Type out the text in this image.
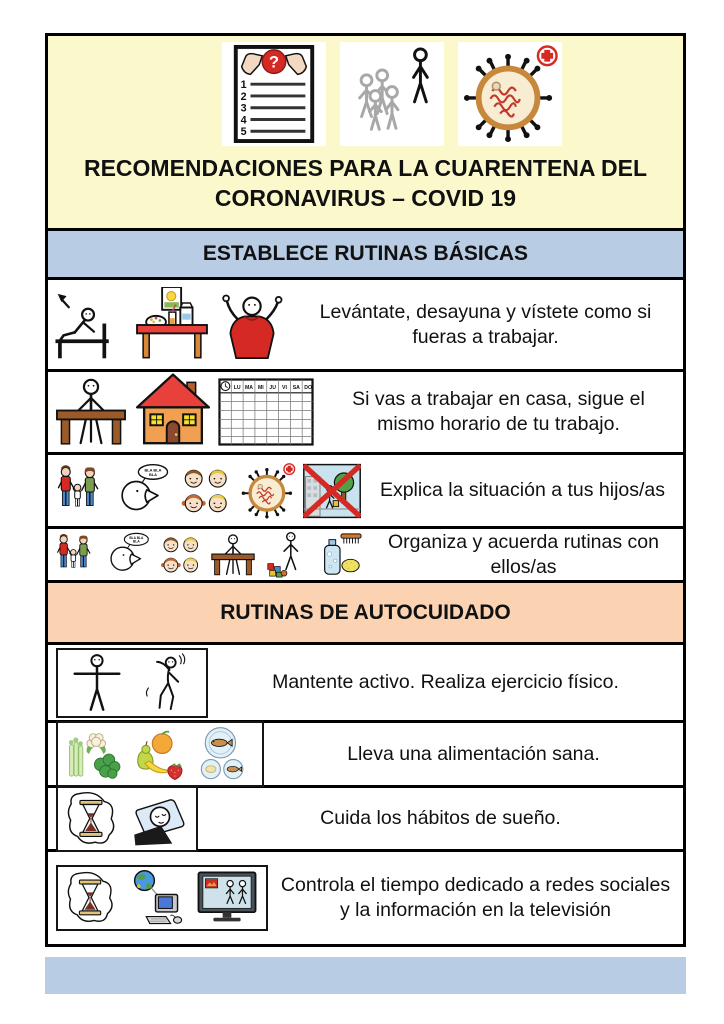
RECOMENDACIONES PARA LA CUARENTENA DEL
CORONAVIRUS – COVID 19
ESTABLECE RUTINAS BÁSICAS
Levántate, desayuna y vístete como si fueras a trabajar.
Si vas a trabajar en casa, sigue el mismo horario de tu trabajo.
Explica la situación a tus hijos/as
Organiza y acuerda rutinas con ellos/as
RUTINAS DE AUTOCUIDADO
Mantente activo. Realiza ejercicio físico.
Lleva una alimentación sana.
Cuida los hábitos de sueño.
Controla el tiempo dedicado a redes sociales y la información en la televisión
